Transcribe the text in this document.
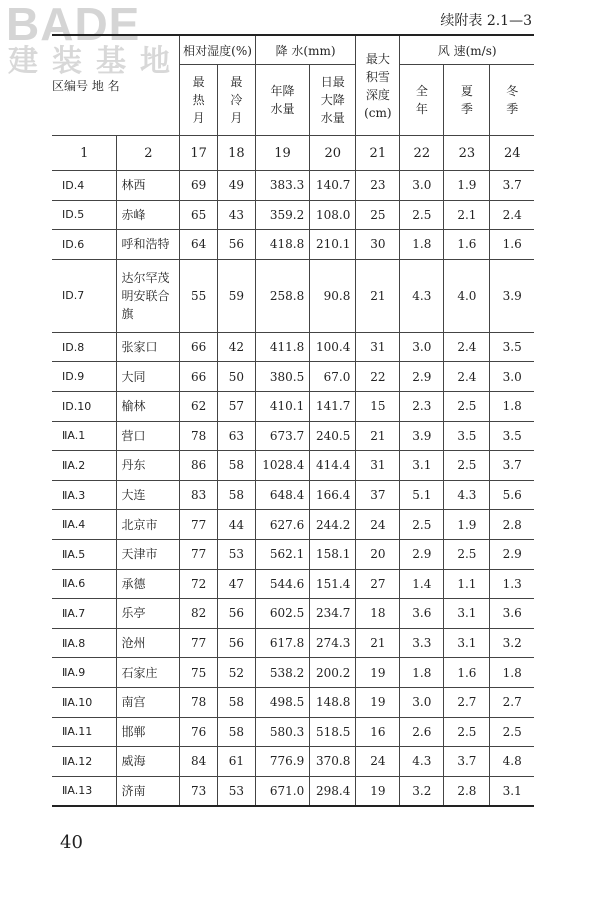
BADE
建装基地
续附表 2.1—3
区编号 地 名		相对湿度(%)		降 水(mm)		最大积雪深度(cm)	风 速(m/s)		
		最热月	最冷月	年降水量	日最大降水量		全年	夏季	冬季
1	2	17	18	19	20	21	22	23	24
ⅠD.4	林西	69	49	383.3	140.7	23	3.0	1.9	3.7
ⅠD.5	赤峰	65	43	359.2	108.0	25	2.5	2.1	2.4
ⅠD.6	呼和浩特	64	56	418.8	210.1	30	1.8	1.6	1.6
ⅠD.7	达尔罕茂明安联合旗	55	59	258.8	90.8	21	4.3	4.0	3.9
ⅠD.8	张家口	66	42	411.8	100.4	31	3.0	2.4	3.5
ⅠD.9	大同	66	50	380.5	67.0	22	2.9	2.4	3.0
ⅠD.10	榆林	62	57	410.1	141.7	15	2.3	2.5	1.8
ⅡA.1	营口	78	63	673.7	240.5	21	3.9	3.5	3.5
ⅡA.2	丹东	86	58	1028.4	414.4	31	3.1	2.5	3.7
ⅡA.3	大连	83	58	648.4	166.4	37	5.1	4.3	5.6
ⅡA.4	北京市	77	44	627.6	244.2	24	2.5	1.9	2.8
ⅡA.5	天津市	77	53	562.1	158.1	20	2.9	2.5	2.9
ⅡA.6	承德	72	47	544.6	151.4	27	1.4	1.1	1.3
ⅡA.7	乐亭	82	56	602.5	234.7	18	3.6	3.1	3.6
ⅡA.8	沧州	77	56	617.8	274.3	21	3.3	3.1	3.2
ⅡA.9	石家庄	75	52	538.2	200.2	19	1.8	1.6	1.8
ⅡA.10	南宫	78	58	498.5	148.8	19	3.0	2.7	2.7
ⅡA.11	邯郸	76	58	580.3	518.5	16	2.6	2.5	2.5
ⅡA.12	威海	84	61	776.9	370.8	24	4.3	3.7	4.8
ⅡA.13	济南	73	53	671.0	298.4	19	3.2	2.8	3.1
40
